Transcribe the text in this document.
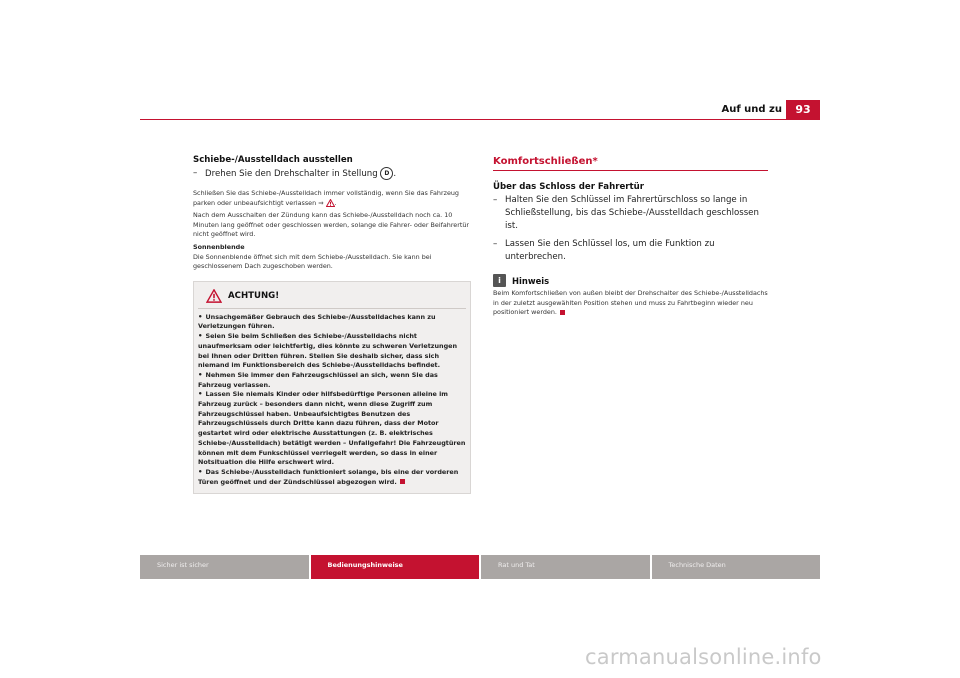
Auf und zu	93
Schiebe-/Ausstelldach ausstellen
– Drehen Sie den Drehschalter in Stellung D .

Schließen Sie das Schiebe-/Ausstelldach immer vollständig, wenn Sie das Fahrzeug parken oder unbeaufsichtigt verlassen ⇒ .

Nach dem Ausschalten der Zündung kann das Schiebe-/Ausstelldach noch ca. 10 Minuten lang geöffnet oder geschlossen werden, solange die Fahrer- oder Beifahrertür nicht geöffnet wird.

Sonnenblende

Die Sonnenblende öffnet sich mit dem Schiebe-/Ausstelldach. Sie kann bei geschlossenem Dach zugeschoben werden.

ACHTUNG!
• Unsachgemäßer Gebrauch des Schiebe-/Ausstelldaches kann zu Verletzungen führen.
• Seien Sie beim Schließen des Schiebe-/Ausstelldachs nicht unaufmerksam oder leichtfertig, dies könnte zu schweren Verletzungen bei Ihnen oder Dritten führen. Stellen Sie deshalb sicher, dass sich niemand im Funktionsbereich des Schiebe-/Ausstelldachs befindet.
• Nehmen Sie immer den Fahrzeugschlüssel an sich, wenn Sie das Fahrzeug verlassen.
• Lassen Sie niemals Kinder oder hilfsbedürftige Personen alleine im Fahrzeug zurück – besonders dann nicht, wenn diese Zugriff zum Fahrzeugschlüssel haben. Unbeaufsichtigtes Benutzen des Fahrzeugschlüssels durch Dritte kann dazu führen, dass der Motor gestartet wird oder elektrische Ausstattungen (z. B. elektrisches Schiebe-/Ausstelldach) betätigt werden – Unfallgefahr! Die Fahrzeugtüren können mit dem Funkschlüssel verriegelt werden, so dass in einer Notsituation die Hilfe erschwert wird.
• Das Schiebe-/Ausstelldach funktioniert solange, bis eine der vorderen Türen geöffnet und der Zündschlüssel abgezogen wird.
Komfortschließen*
Über das Schloss der Fahrertür
– Halten Sie den Schlüssel im Fahrertürschloss so lange in Schließstellung, bis das Schiebe-/Ausstelldach geschlossen ist.
– Lassen Sie den Schlüssel los, um die Funktion zu unterbrechen.
i	Hinweis

Beim Komfortschließen von außen bleibt der Drehschalter des Schiebe-/Ausstelldachs in der zuletzt ausgewählten Position stehen und muss zu Fahrtbeginn wieder neu positioniert werden.

Sicher ist sicher	Bedienungshinweise	Rat und Tat	Technische Daten
carmanualsonline.info
